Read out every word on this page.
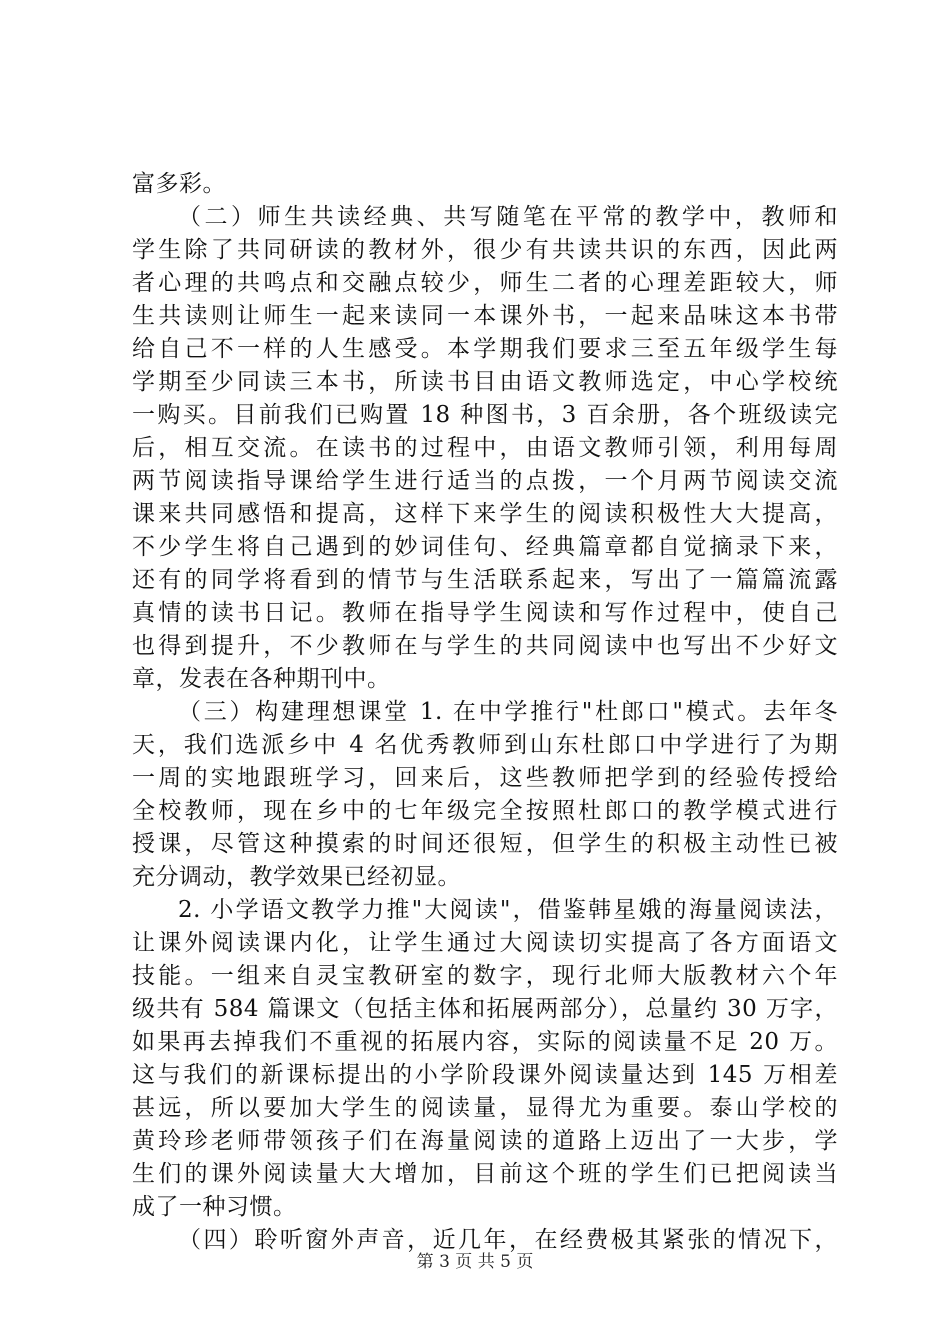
富多彩。
（二）师生共读经典、共写随笔在平常的教学中，教师和
学生除了共同研读的教材外，很少有共读共识的东西，因此两
者心理的共鸣点和交融点较少，师生二者的心理差距较大，师
生共读则让师生一起来读同一本课外书，一起来品味这本书带
给自己不一样的人生感受。本学期我们要求三至五年级学生每
学期至少同读三本书，所读书目由语文教师选定，中心学校统
一购买。目前我们已购置 18 种图书，3 百余册，各个班级读完
后，相互交流。在读书的过程中，由语文教师引领，利用每周
两节阅读指导课给学生进行适当的点拨，一个月两节阅读交流
课来共同感悟和提高，这样下来学生的阅读积极性大大提高，
不少学生将自己遇到的妙词佳句、经典篇章都自觉摘录下来，
还有的同学将看到的情节与生活联系起来，写出了一篇篇流露
真情的读书日记。教师在指导学生阅读和写作过程中，使自己
也得到提升，不少教师在与学生的共同阅读中也写出不少好文
章，发表在各种期刊中。
（三）构建理想课堂 1. 在中学推行"杜郎口"模式。去年冬
天，我们选派乡中 4 名优秀教师到山东杜郎口中学进行了为期
一周的实地跟班学习，回来后，这些教师把学到的经验传授给
全校教师，现在乡中的七年级完全按照杜郎口的教学模式进行
授课，尽管这种摸索的时间还很短，但学生的积极主动性已被
充分调动，教学效果已经初显。
2. 小学语文教学力推"大阅读"，借鉴韩星娥的海量阅读法，
让课外阅读课内化，让学生通过大阅读切实提高了各方面语文
技能。一组来自灵宝教研室的数字，现行北师大版教材六个年
级共有 584 篇课文（包括主体和拓展两部分），总量约 30 万字，
如果再去掉我们不重视的拓展内容，实际的阅读量不足 20 万。
这与我们的新课标提出的小学阶段课外阅读量达到 145 万相差
甚远，所以要加大学生的阅读量，显得尤为重要。泰山学校的
黄玲珍老师带领孩子们在海量阅读的道路上迈出了一大步，学
生们的课外阅读量大大增加，目前这个班的学生们已把阅读当
成了一种习惯。
（四）聆听窗外声音，近几年，在经费极其紧张的情况下，
第 3 页 共 5 页
